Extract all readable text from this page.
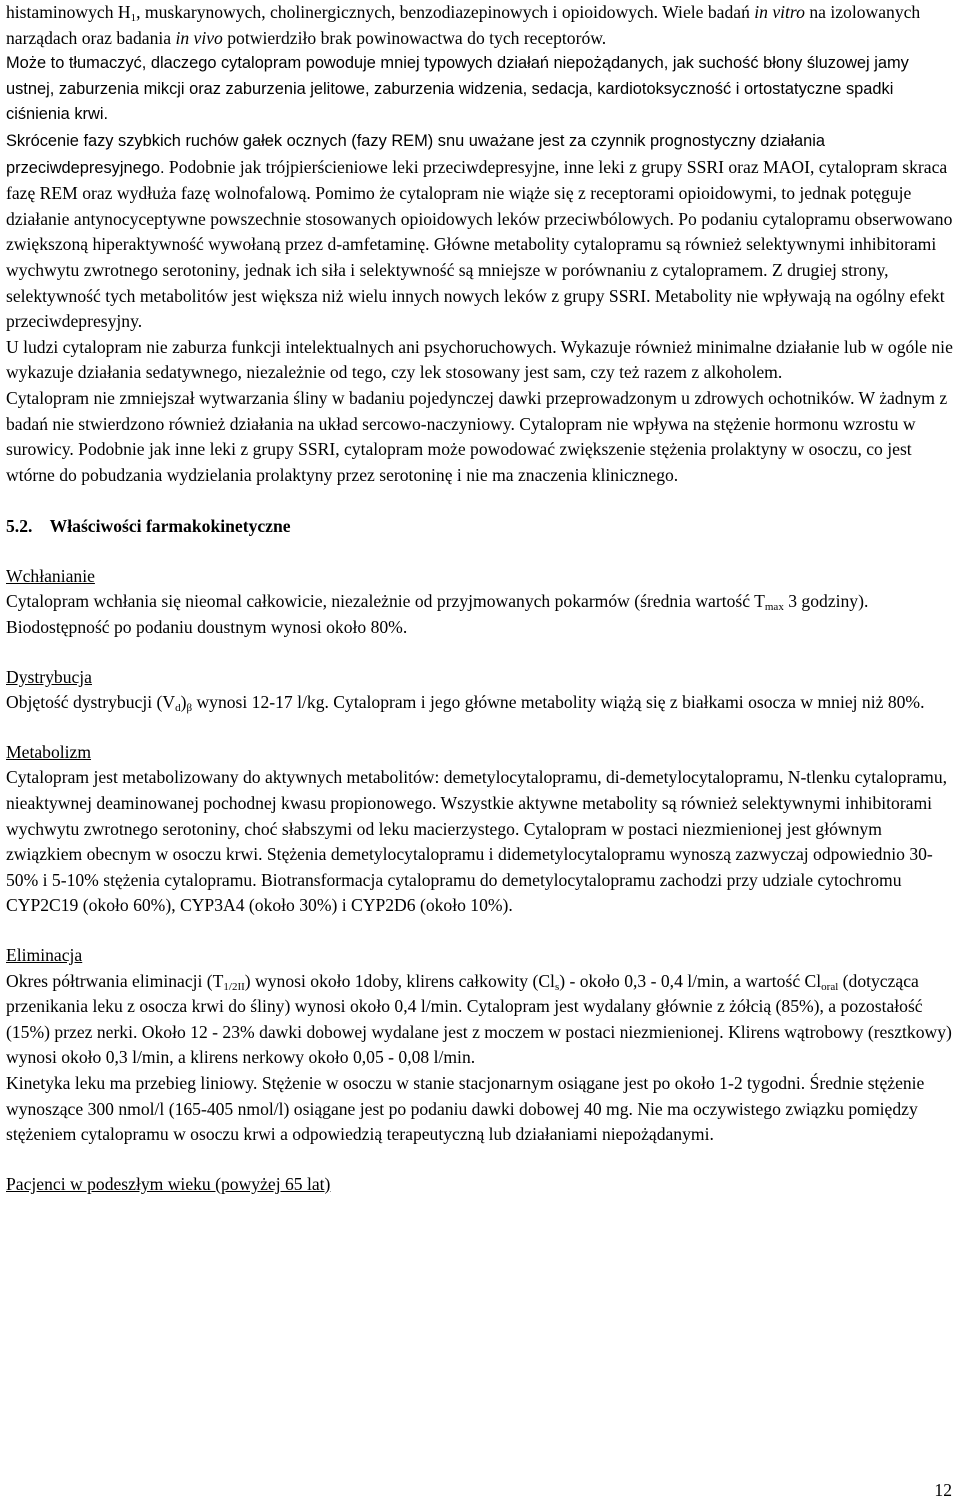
histaminowych $H_1$, muskarynowych, cholinergicznych, benzodiazepinowych i opioidowych. Wiele badań in vitro na izolowanych narządach oraz badania in vivo potwierdziło brak powinowactwa do tych receptorów.

Może to tłumaczyć, dlaczego cytalopram powoduje mniej typowych działań niepożądanych, jak suchość błony śluzowej jamy ustnej, zaburzenia mikcji oraz zaburzenia jelitowe, zaburzenia widzenia, sedacja, kardiotoksyczność i ortostatyczne spadki ciśnienia krwi.

Skrócenie fazy szybkich ruchów gałek ocznych (fazy REM) snu uważane jest za czynnik prognostyczny działania przeciwdepresyjnego. Podobnie jak trójpierścieniowe leki przeciwdepresyjne, inne leki z grupy SSRI oraz MAOI, cytalopram skraca fazę REM oraz wydłuża fazę wolnofalową. Pomimo że cytalopram nie wiąże się z receptorami opioidowymi, to jednak potęguje działanie antynocyceptywne powszechnie stosowanych opioidowych leków przeciwbólowych. Po podaniu cytalopramu obserwowano zwiększoną hiperaktywność wywołaną przez d-amfetaminę. Główne metabolity cytalopramu są również selektywnymi inhibitorami wychwytu zwrotnego serotoniny, jednak ich siła i selektywność są mniejsze w porównaniu z cytalopramem. Z drugiej strony, selektywność tych metabolitów jest większa niż wielu innych nowych leków z grupy SSRI. Metabolity nie wpływają na ogólny efekt przeciwdepresyjny.

U ludzi cytalopram nie zaburza funkcji intelektualnych ani psychoruchowych. Wykazuje również minimalne działanie lub w ogóle nie wykazuje działania sedatywnego, niezależnie od tego, czy lek stosowany jest sam, czy też razem z alkoholem.

Cytalopram nie zmniejszał wytwarzania śliny w badaniu pojedynczej dawki przeprowadzonym u zdrowych ochotników. W żadnym z badań nie stwierdzono również działania na układ sercowo-naczyniowy. Cytalopram nie wpływa na stężenie hormonu wzrostu w surowicy. Podobnie jak inne leki z grupy SSRI, cytalopram może powodować zwiększenie stężenia prolaktyny w osoczu, co jest wtórne do pobudzania wydzielania prolaktyny przez serotoninę i nie ma znaczenia klinicznego.

5.2. Właściwości farmakokinetyczne

Wchłanianie

Cytalopram wchłania się nieomal całkowicie, niezależnie od przyjmowanych pokarmów (średnia wartość $T_{max}$ 3 godziny). Biodostępność po podaniu doustnym wynosi około 80%.

Dystrybucja

Objętość dystrybucji $(V_d)_\beta$ wynosi 12-17 l/kg. Cytalopram i jego główne metabolity wiążą się z białkami osocza w mniej niż 80%.

Metabolizm

Cytalopram jest metabolizowany do aktywnych metabolitów: demetylocytalopramu, di-demetylocytalopramu, N-tlenku cytalopramu, nieaktywnej deaminowanej pochodnej kwasu propionowego. Wszystkie aktywne metabolity są również selektywnymi inhibitorami wychwytu zwrotnego serotoniny, choć słabszymi od leku macierzystego. Cytalopram w postaci niezmienionej jest głównym związkiem obecnym w osoczu krwi. Stężenia demetylocytalopramu i didemetylocytalopramu wynoszą zazwyczaj odpowiednio 30-50% i 5-10% stężenia cytalopramu. Biotransformacja cytalopramu do demetylocytalopramu zachodzi przy udziale cytochromu CYP2C19 (około 60%), CYP3A4 (około 30%) i CYP2D6 (około 10%).

Eliminacja

Okres półtrwania eliminacji $(T_{1/2II})$ wynosi około 1doby, klirens całkowity $(Cl_s)$ - około 0,3 - 0,4 l/min, a wartość $Cl_{oral}$ (dotycząca przenikania leku z osocza krwi do śliny) wynosi około 0,4 l/min. Cytalopram jest wydalany głównie z żółcią (85%), a pozostałość (15%) przez nerki. Około 12 - 23% dawki dobowej wydalane jest z moczem w postaci niezmienionej. Klirens wątrobowy (resztkowy) wynosi około 0,3 l/min, a klirens nerkowy około 0,05 - 0,08 l/min.

Kinetyka leku ma przebieg liniowy. Stężenie w osoczu w stanie stacjonarnym osiągane jest po około 1-2 tygodni. Średnie stężenie wynoszące 300 nmol/l (165-405 nmol/l) osiągane jest po podaniu dawki dobowej 40 mg. Nie ma oczywistego związku pomiędzy stężeniem cytalopramu w osoczu krwi a odpowiedzią terapeutyczną lub działaniami niepożądanymi.

Pacjenci w podeszłym wieku (powyżej 65 lat)

12
